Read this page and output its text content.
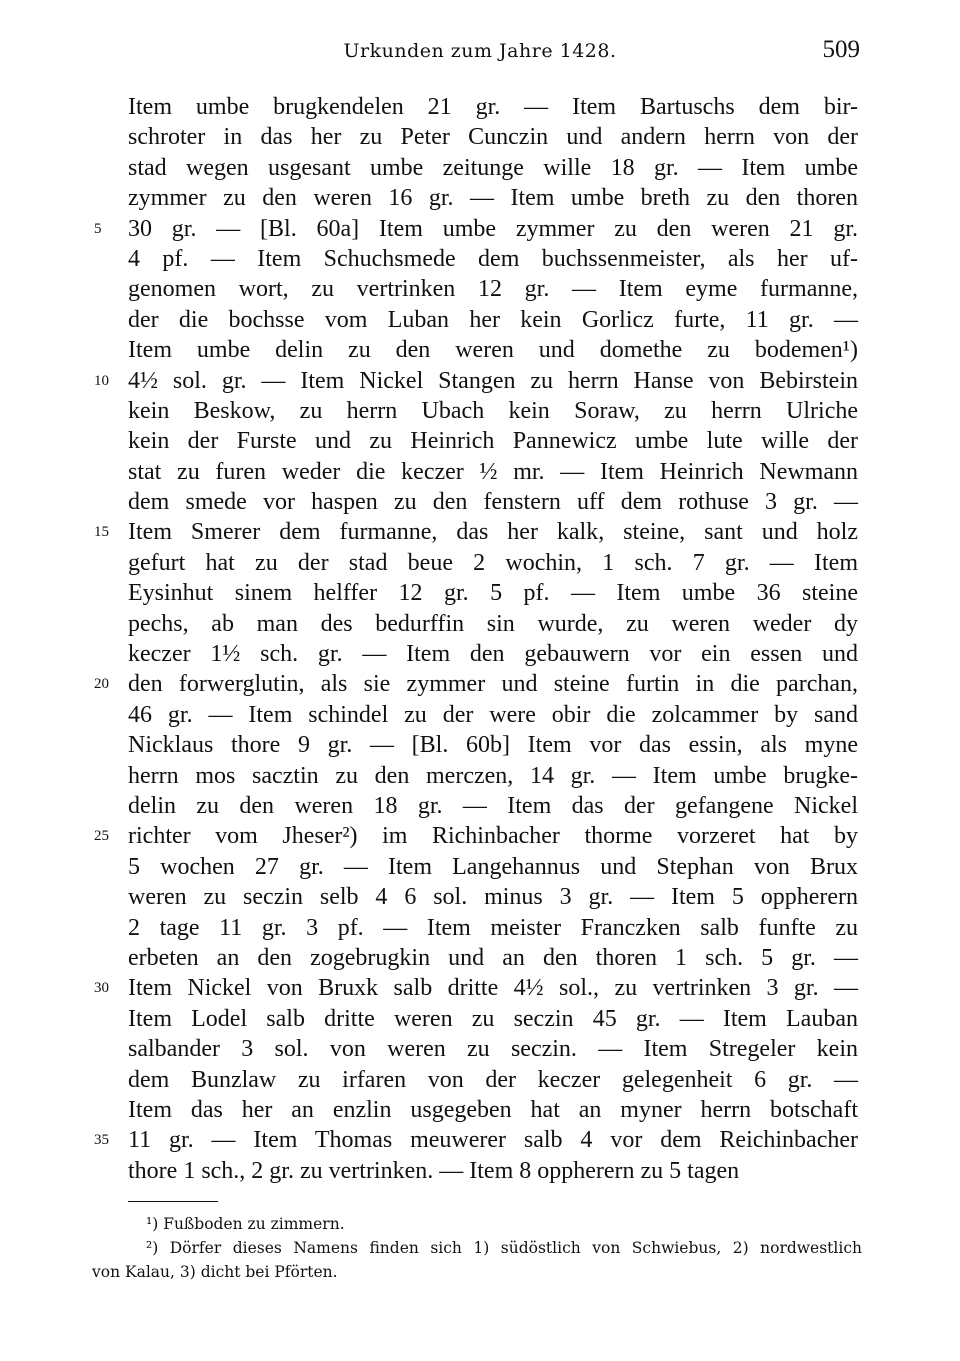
Urkunden zum Jahre 1428.	509
Item umbe brugkendelen 21 gr. — Item Bartuschs dem bir-
schroter in das her zu Peter Cunczin und andern herrn von der
stad wegen usgesant umbe zeitunge wille 18 gr. — Item umbe
zymmer zu den weren 16 gr. — Item umbe breth zu den thoren
5	30 gr. — [Bl. 60a] Item umbe zymmer zu den weren 21 gr.
4 pf. — Item Schuchsmede dem buchssenmeister, als her uf-
genomen wort, zu vertrinken 12 gr. — Item eyme furmanne,
der die bochsse vom Luban her kein Gorlicz furte, 11 gr. —
Item umbe delin zu den weren und domethe zu bodemen¹)
10 4½ sol. gr. — Item Nickel Stangen zu herrn Hanse von Bebirstein
kein Beskow, zu herrn Ubach kein Soraw, zu herrn Ulriche
kein der Furste und zu Heinrich Pannewicz umbe lute wille der
stat zu furen weder die keczer ½ mr. — Item Heinrich Newmann
dem smede vor haspen zu den fenstern uff dem rothuse 3 gr. —
15 Item Smerer dem furmanne, das her kalk, steine, sant und holz
gefurt hat zu der stad beue 2 wochin, 1 sch. 7 gr. — Item
Eysinhut sinem helffer 12 gr. 5 pf. — Item umbe 36 steine
pechs, ab man des bedurffin sin wurde, zu weren weder dy
keczer 1½ sch. gr. — Item den gebauwern vor ein essen und
20 den forwerglutin, als sie zymmer und steine furtin in die parchan,
46 gr. — Item schindel zu der were obir die zolcammer by sand
Nicklaus thore 9 gr. — [Bl. 60b] Item vor das essin, als myne
herrn mos sacztin zu den merczen, 14 gr. — Item umbe brugke-
delin zu den weren 18 gr. — Item das der gefangene Nickel
25 richter vom Jheser²) im Richinbacher thorme vorzeret hat by
5 wochen 27 gr. — Item Langehannus und Stephan von Brux
weren zu seczin selb 4 6 sol. minus 3 gr. — Item 5 oppherern
2 tage 11 gr. 3 pf. — Item meister Franczken salb funfte zu
erbeten an den zogebrugkin und an den thoren 1 sch. 5 gr. —
30 Item Nickel von Bruxk salb dritte 4½ sol., zu vertrinken 3 gr. —
Item Lodel salb dritte weren zu seczin 45 gr. — Item Lauban
salbander 3 sol. von weren zu seczin. — Item Stregeler kein
dem Bunzlaw zu irfaren von der keczer gelegenheit 6 gr. —
Item das her an enzlin usgegeben hat an myner herrn botschaft
35 11 gr. — Item Thomas meuwerer salb 4 vor dem Reichinbacher
thore 1 sch., 2 gr. zu vertrinken. — Item 8 oppherern zu 5 tagen
¹) Fußboden zu zimmern.
²) Dörfer dieses Namens finden sich 1) südöstlich von Schwiebus, 2) nordwestlich
von Kalau, 3) dicht bei Pförten.
